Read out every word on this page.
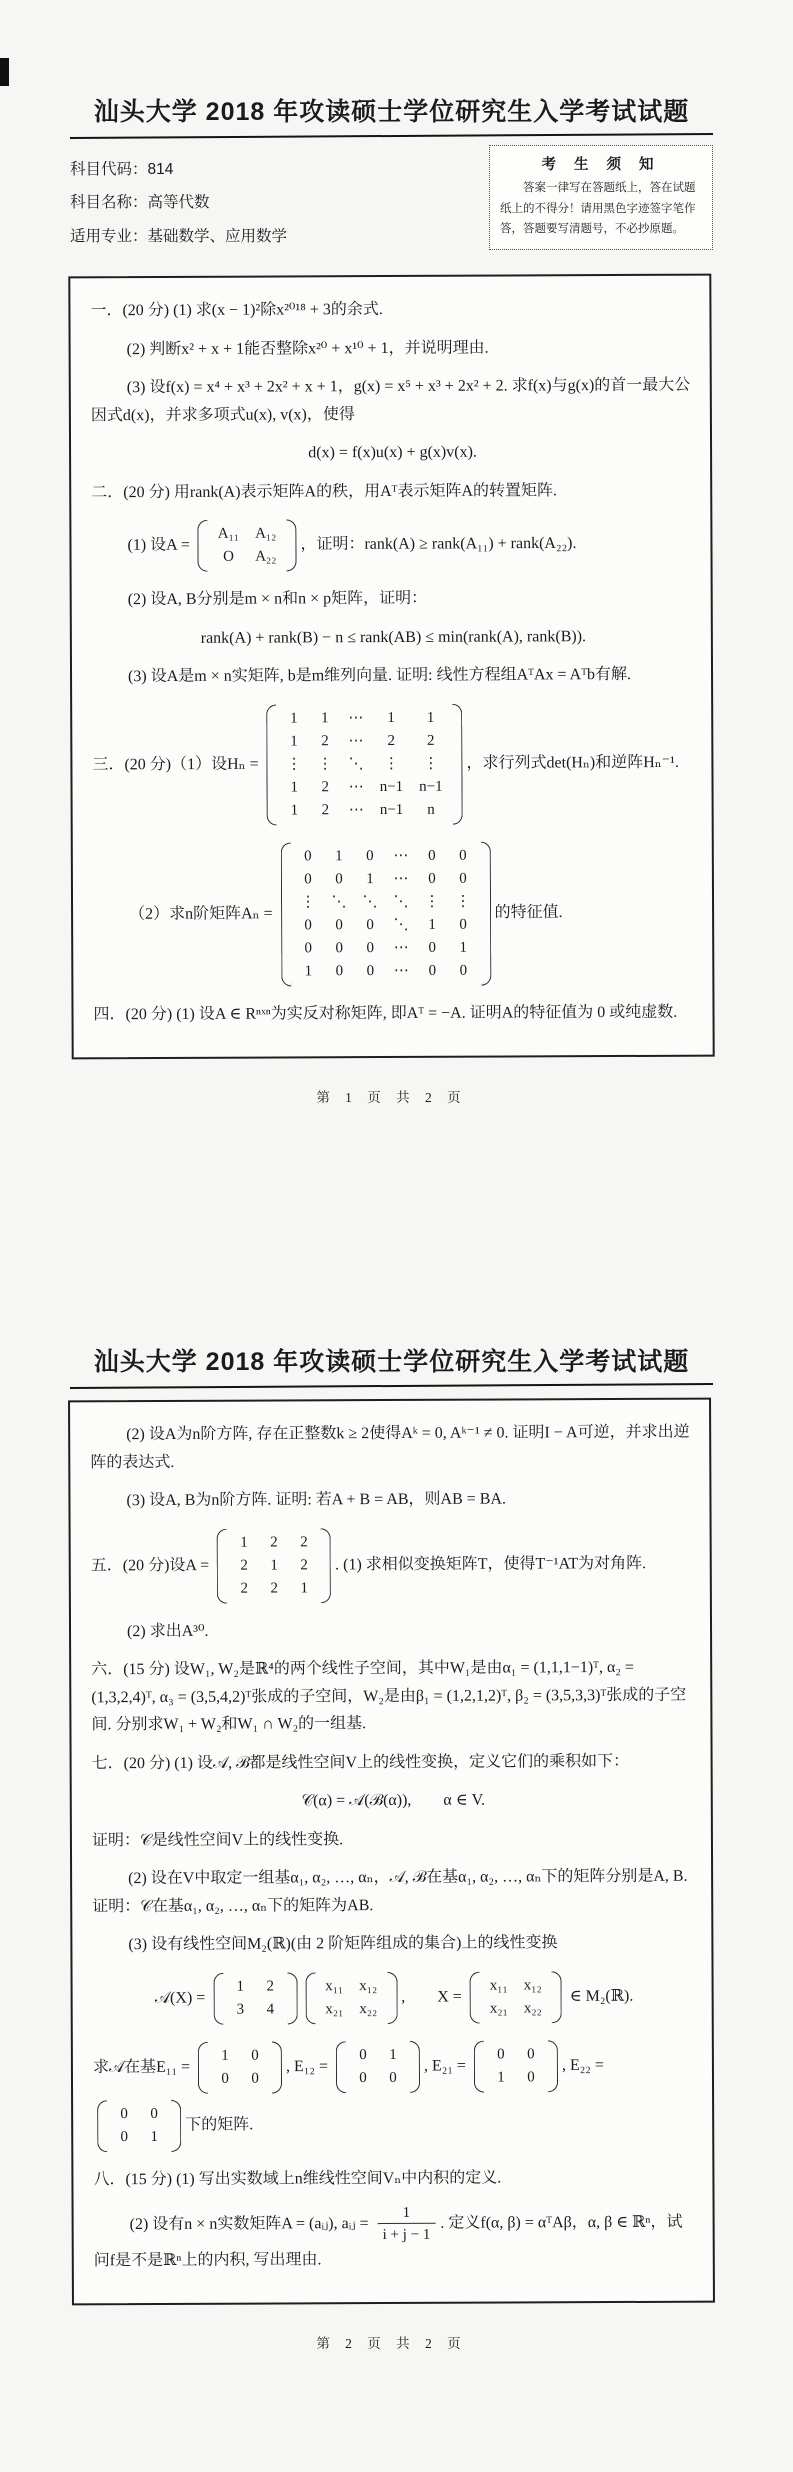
汕头大学 2018 年攻读硕士学位研究生入学考试试题
科目代码：814
科目名称：高等代数
适用专业：基础数学、应用数学
考 生 须 知
答案一律写在答题纸上，答在试题纸上的不得分！请用黑色字迹签字笔作答，答题要写清题号，不必抄原题。
一．(20 分) (1) 求(x − 1)²除x²⁰¹⁸ + 3的余式.
(2) 判断x² + x + 1能否整除x²⁰ + x¹⁰ + 1，并说明理由.
(3) 设f(x) = x⁴ + x³ + 2x² + x + 1，g(x) = x⁵ + x³ + 2x² + 2. 求f(x)与g(x)的首一最大公因式d(x)，并求多项式u(x), v(x)，使得
d(x) = f(x)u(x) + g(x)v(x).
二．(20 分) 用rank(A)表示矩阵A的秩，用Aᵀ表示矩阵A的转置矩阵.
(1) 设A =
A₁₁ A₁₂
O	A₂₂
，证明：rank(A) ≥ rank(A₁₁) + rank(A₂₂).
(2) 设A, B分别是m × n和n × p矩阵，证明：
rank(A) + rank(B) − n ≤ rank(AB) ≤ min(rank(A), rank(B)).
(3) 设A是m × n实矩阵, b是m维列向量. 证明: 线性方程组AᵀAx = Aᵀb有解.
三．(20 分)（1）设Hₙ =
1 1 ⋯	1	1
1 2 ⋯	2	2
⋮ ⋮ ⋱ ⋮ ⋮
1 2 ⋯ n−1 n−1
1 2 ⋯ n−1	n
，求行列式det(Hₙ)和逆阵Hₙ⁻¹.
（2）求n阶矩阵Aₙ =
0 1 0 ⋯ 0 0
0 0 1 ⋯ 0 0
⋮ ⋱ ⋱ ⋱ ⋮ ⋮
0 0 0 ⋱ 1 0
0 0 0 ⋯ 0 1
1 0 0 ⋯ 0 0
的特征值.
四．(20 分) (1) 设A ∈ Rⁿˣⁿ为实反对称矩阵, 即Aᵀ = −A. 证明A的特征值为 0 或纯虚数.
第 1 页 共 2 页
汕头大学 2018 年攻读硕士学位研究生入学考试试题
(2) 设A为n阶方阵, 存在正整数k ≥ 2使得Aᵏ = 0, Aᵏ⁻¹ ≠ 0. 证明I − A可逆，并求出逆阵的表达式.
(3) 设A, B为n阶方阵. 证明: 若A + B = AB，则AB = BA.
五．(20 分)设A =
1 2 2
2 1 2
2 2 1
. (1) 求相似变换矩阵T，使得T⁻¹AT为对角阵.
(2) 求出A³⁰.
六．(15 分) 设W₁, W₂是ℝ⁴的两个线性子空间，其中W₁是由α₁ = (1,1,1−1)ᵀ, α₂ = (1,3,2,4)ᵀ, α₃ = (3,5,4,2)ᵀ张成的子空间，W₂是由β₁ = (1,2,1,2)ᵀ, β₂ = (3,5,3,3)ᵀ张成的子空间. 分别求W₁ + W₂和W₁ ∩ W₂的一组基.
七．(20 分) (1) 设𝒜, ℬ都是线性空间V上的线性变换，定义它们的乘积如下：
𝒞(α) = 𝒜(ℬ(α)),　　α ∈ V.
证明：𝒞是线性空间V上的线性变换.
(2) 设在V中取定一组基α₁, α₂, …, αₙ，𝒜, ℬ在基α₁, α₂, …, αₙ下的矩阵分别是A, B. 证明：𝒞在基α₁, α₂, …, αₙ下的矩阵为AB.
(3) 设有线性空间M₂(ℝ)(由 2 阶矩阵组成的集合)上的线性变换
𝒜(X) =
1 2
3 4
x₁₁ x₁₂
x₂₁ x₂₂
,　　X =
x₁₁ x₁₂
x₂₁ x₂₂
∈ M₂(ℝ).
求𝒜在基E₁₁ =
1 0
0 0
, E₁₂ =
0 1
0 0
, E₂₁ =
0 0
1 0
, E₂₂ =
0 0
0 1
下的矩阵.
八．(15 分) (1) 写出实数域上n维线性空间Vₙ中内积的定义.
(2) 设有n × n实数矩阵A = (aᵢⱼ), aᵢⱼ = $\frac{1}{i + j - 1}$ . 定义f(α, β) = αᵀAβ，α, β ∈ ℝⁿ，试问f是不是ℝⁿ上的内积, 写出理由.
第 2 页 共 2 页
